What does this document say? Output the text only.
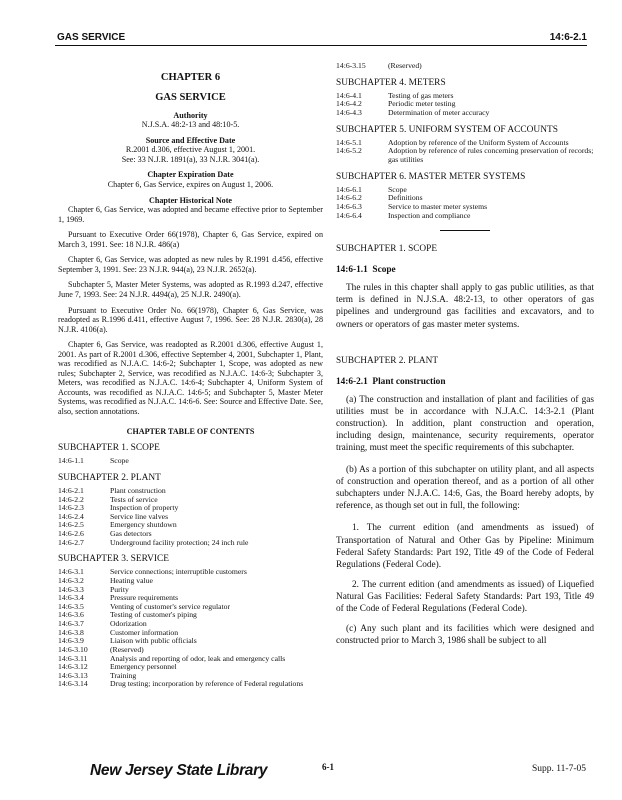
GAS SERVICE	14:6-2.1
CHAPTER 6
GAS SERVICE
Authority
N.J.S.A. 48:2-13 and 48:10-5.
Source and Effective Date
R.2001 d.306, effective August 1, 2001.
See: 33 N.J.R. 1891(a), 33 N.J.R. 3041(a).
Chapter Expiration Date
Chapter 6, Gas Service, expires on August 1, 2006.
Chapter Historical Note
Chapter 6, Gas Service, was adopted and became effective prior to September 1, 1969.
Pursuant to Executive Order 66(1978), Chapter 6, Gas Service, expired on March 3, 1991. See: 18 N.J.R. 486(a)
Chapter 6, Gas Service, was adopted as new rules by R.1991 d.456, effective September 3, 1991. See: 23 N.J.R. 944(a), 23 N.J.R. 2652(a).
Subchapter 5, Master Meter Systems, was adopted as R.1993 d.247, effective June 7, 1993. See: 24 N.J.R. 4494(a), 25 N.J.R. 2490(a).
Pursuant to Executive Order No. 66(1978), Chapter 6, Gas Service, was readopted as R.1996 d.411, effective August 7, 1996. See: 28 N.J.R. 2830(a), 28 N.J.R. 4106(a).
Chapter 6, Gas Service, was readopted as R.2001 d.306, effective August 1, 2001. As part of R.2001 d.306, effective September 4, 2001, Subchapter 1, Plant, was recodified as N.J.A.C. 14:6-2; Subchapter 1, Scope, was adopted as new rules; Subchapter 2, Service, was recodified as N.J.A.C. 14:6-3; Subchapter 3, Meters, was recodified as N.J.A.C. 14:6-4; Subchapter 4, Uniform System of Accounts, was recodified as N.J.A.C. 14:6-5; and Subchapter 5, Master Meter Systems, was recodified as N.J.A.C. 14:6-6. See: Source and Effective Date. See, also, section annotations.
CHAPTER TABLE OF CONTENTS
SUBCHAPTER 1. SCOPE
14:6-1.1	Scope
SUBCHAPTER 2. PLANT
14:6-2.1	Plant construction
14:6-2.2	Tests of service
14:6-2.3	Inspection of property
14:6-2.4	Service line valves
14:6-2.5	Emergency shutdown
14:6-2.6	Gas detectors
14:6-2.7	Underground facility protection; 24 inch rule
SUBCHAPTER 3. SERVICE
14:6-3.1	Service connections; interruptible customers
14:6-3.2	Heating value
14:6-3.3	Purity
14:6-3.4	Pressure requirements
14:6-3.5	Venting of customer's service regulator
14:6-3.6	Testing of customer's piping
14:6-3.7	Odorization
14:6-3.8	Customer information
14:6-3.9	Liaison with public officials
14:6-3.10	(Reserved)
14:6-3.11	Analysis and reporting of odor, leak and emergency calls
14:6-3.12	Emergency personnel
14:6-3.13	Training
14:6-3.14	Drug testing; incorporation by reference of Federal regulations
14:6-3.15	(Reserved)
SUBCHAPTER 4. METERS
14:6-4.1	Testing of gas meters
14:6-4.2	Periodic meter testing
14:6-4.3	Determination of meter accuracy
SUBCHAPTER 5. UNIFORM SYSTEM OF ACCOUNTS
14:6-5.1	Adoption by reference of the Uniform System of Accounts
14:6-5.2	Adoption by reference of rules concerning preservation of records; gas utilities
SUBCHAPTER 6. MASTER METER SYSTEMS
14:6-6.1	Scope
14:6-6.2	Definitions
14:6-6.3	Service to master meter systems
14:6-6.4	Inspection and compliance
SUBCHAPTER 1. SCOPE
14:6-1.1 Scope
The rules in this chapter shall apply to gas public utilities, as that term is defined in N.J.S.A. 48:2-13, to other operators of gas pipelines and underground gas facilities and excavators, and to owners or operators of gas master meter systems.
SUBCHAPTER 2. PLANT
14:6-2.1 Plant construction
(a) The construction and installation of plant and facilities of gas utilities must be in accordance with N.J.A.C. 14:3-2.1 (Plant construction). In addition, plant construction and operation, including design, maintenance, security requirements, operator training, must meet the specific requirements of this subchapter.
(b) As a portion of this subchapter on utility plant, and all aspects of construction and operation thereof, and as a portion of all other subchapters under N.J.A.C. 14:6, Gas, the Board hereby adopts, by reference, as though set out in full, the following:
1. The current edition (and amendments as issued) of Transportation of Natural and Other Gas by Pipeline: Minimum Federal Safety Standards: Part 192, Title 49 of the Code of Federal Regulations (Federal Code).
2. The current edition (and amendments as issued) of Liquefied Natural Gas Facilities: Federal Safety Standards: Part 193, Title 49 of the Code of Federal Regulations (Federal Code).
(c) Any such plant and its facilities which were designed and constructed prior to March 3, 1986 shall be subject to all
New Jersey State Library	6-1	Supp. 11-7-05
